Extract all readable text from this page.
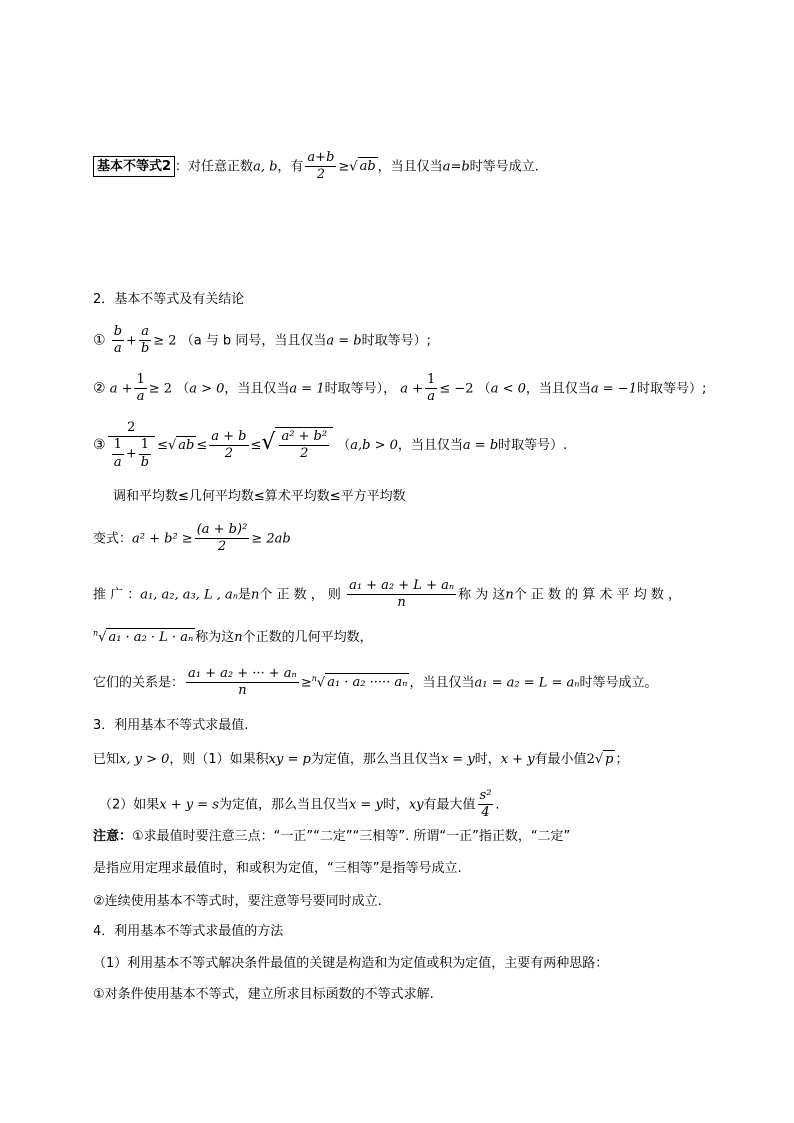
基本不等式2 ：对任意正数a, b，有 $\frac{a+b}{2}$ ≥√ ab ，当且仅当a=b时等号成立.
2．基本不等式及有关结论
① $\frac{b}{a} + \frac{a}{b} \ge 2$ （a 与 b 同号，当且仅当a = b时取等号）;
② $a + \frac{1}{a} \ge 2$ （a > 0，当且仅当a = 1时取等号）， $a + \frac{1}{a} \le -2$ （a < 0，当且仅当a = −1时取等号）;
③ $\frac{2}{\frac{1}{a} + \frac{1}{b}}$ ≤√ ab ≤ $\frac{a + b}{2}$ ≤√ $\frac{\text{a² + b²}}{2} (a,b > 0$，当且仅当a = b时取等号）.
调和平均数≤几何平均数≤算术平均数≤平方平均数
变式：$a^2 + b^2 \ge \frac{\text{(a + b)²}}{2} \ge 2ab$
推 广 ：a₁, a₂, a₃, L , aₙ是n个 正 数 ， 则 $\frac{\text{a₁ + a₂ + L + aₙ}}{n}$ 称 为 这n个 正 数 的 算 术 平 均 数 ，
$^n$√ a₁ · a₂ · L · aₙ 称为这n个正数的几何平均数，
它们的关系是： $\frac{\text{a₁ + a₂ + ··· + aₙ}}{n} \ge^n√$ a₁ · a₂ ····· aₙ ，当且仅当a₁ = a₂ = L = aₙ时等号成立。
3．利用基本不等式求最值.
已知x, y > 0，则（1）如果积xy = p为定值，那么当且仅当x = y时，x + y有最小值2√ p ；
（2）如果x + y = s为定值，那么当且仅当x = y时，xy有最大值 $\frac{\text{s²}}{4}$ .
注意：①求最值时要注意三点：“一正”“二定”“三相等”. 所谓“一正”指正数，“二定”
是指应用定理求最值时，和或积为定值，“三相等”是指等号成立.
②连续使用基本不等式时，要注意等号要同时成立.
4．利用基本不等式求最值的方法
（1）利用基本不等式解决条件最值的关键是构造和为定值或积为定值，主要有两种思路：
①对条件使用基本不等式，建立所求目标函数的不等式求解.
